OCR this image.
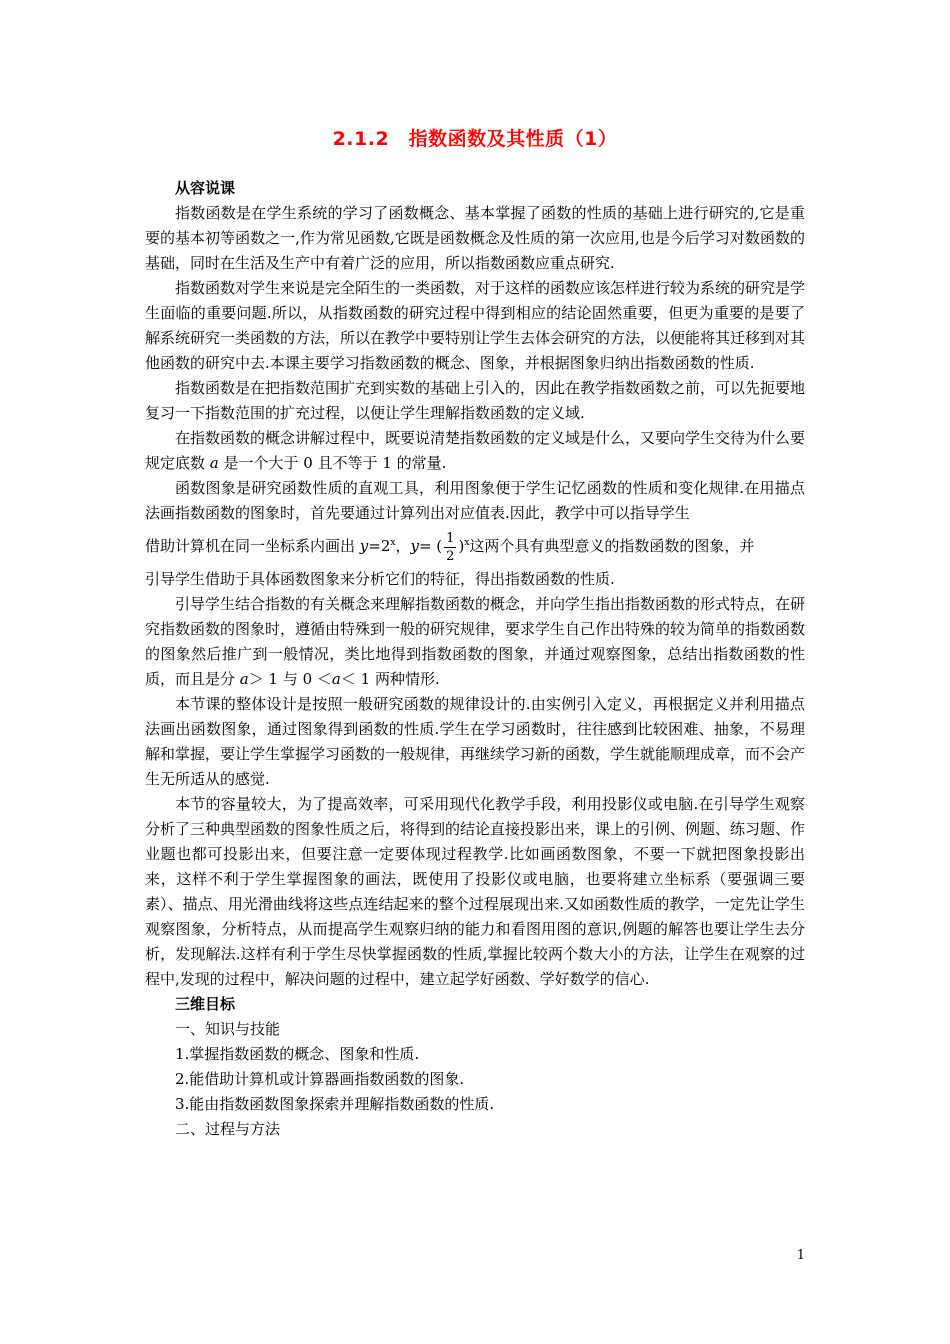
2.1.2　指数函数及其性质（1）

从容说课

指数函数是在学生系统的学习了函数概念、基本掌握了函数的性质的基础上进行研究的,它是重要的基本初等函数之一,作为常见函数,它既是函数概念及性质的第一次应用,也是今后学习对数函数的基础，同时在生活及生产中有着广泛的应用，所以指数函数应重点研究.

指数函数对学生来说是完全陌生的一类函数，对于这样的函数应该怎样进行较为系统的研究是学生面临的重要问题.所以，从指数函数的研究过程中得到相应的结论固然重要，但更为重要的是要了解系统研究一类函数的方法，所以在教学中要特别让学生去体会研究的方法，以便能将其迁移到对其他函数的研究中去.本课主要学习指数函数的概念、图象，并根据图象归纳出指数函数的性质.

指数函数是在把指数范围扩充到实数的基础上引入的，因此在教学指数函数之前，可以先扼要地复习一下指数范围的扩充过程，以便让学生理解指数函数的定义域.

在指数函数的概念讲解过程中，既要说清楚指数函数的定义域是什么，又要向学生交待为什么要规定底数 a 是一个大于 0 且不等于 1 的常量.

函数图象是研究函数性质的直观工具，利用图象便于学生记忆函数的性质和变化规律.在用描点法画指数函数的图象时，首先要通过计算列出对应值表.因此，教学中可以指导学生

借助计算机在同一坐标系内画出 $y=2^x$，y= ( $\frac{1}{2} )^x$这两个具有典型意义的指数函数的图象，并

引导学生借助于具体函数图象来分析它们的特征，得出指数函数的性质.

引导学生结合指数的有关概念来理解指数函数的概念，并向学生指出指数函数的形式特点，在研究指数函数的图象时，遵循由特殊到一般的研究规律，要求学生自己作出特殊的较为简单的指数函数的图象然后推广到一般情况，类比地得到指数函数的图象，并通过观察图象，总结出指数函数的性质，而且是分 a＞ 1 与 0 ＜a＜ 1 两种情形.

本节课的整体设计是按照一般研究函数的规律设计的.由实例引入定义，再根据定义并利用描点法画出函数图象，通过图象得到函数的性质.学生在学习函数时，往往感到比较困难、抽象，不易理解和掌握，要让学生掌握学习函数的一般规律，再继续学习新的函数，学生就能顺理成章，而不会产生无所适从的感觉.

本节的容量较大，为了提高效率，可采用现代化教学手段，利用投影仪或电脑.在引导学生观察分析了三种典型函数的图象性质之后，将得到的结论直接投影出来，课上的引例、例题、练习题、作业题也都可投影出来，但要注意一定要体现过程教学.比如画函数图象，不要一下就把图象投影出来，这样不利于学生掌握图象的画法，既使用了投影仪或电脑，也要将建立坐标系（要强调三要素）、描点、用光滑曲线将这些点连结起来的整个过程展现出来.又如函数性质的教学，一定先让学生观察图象，分析特点，从而提高学生观察归纳的能力和看图用图的意识,例题的解答也要让学生去分析，发现解法.这样有利于学生尽快掌握函数的性质,掌握比较两个数大小的方法，让学生在观察的过程中,发现的过程中，解决问题的过程中，建立起学好函数、学好数学的信心.

三维目标

一、知识与技能

1.掌握指数函数的概念、图象和性质.

2.能借助计算机或计算器画指数函数的图象.

3.能由指数函数图象探索并理解指数函数的性质.

二、过程与方法

1
